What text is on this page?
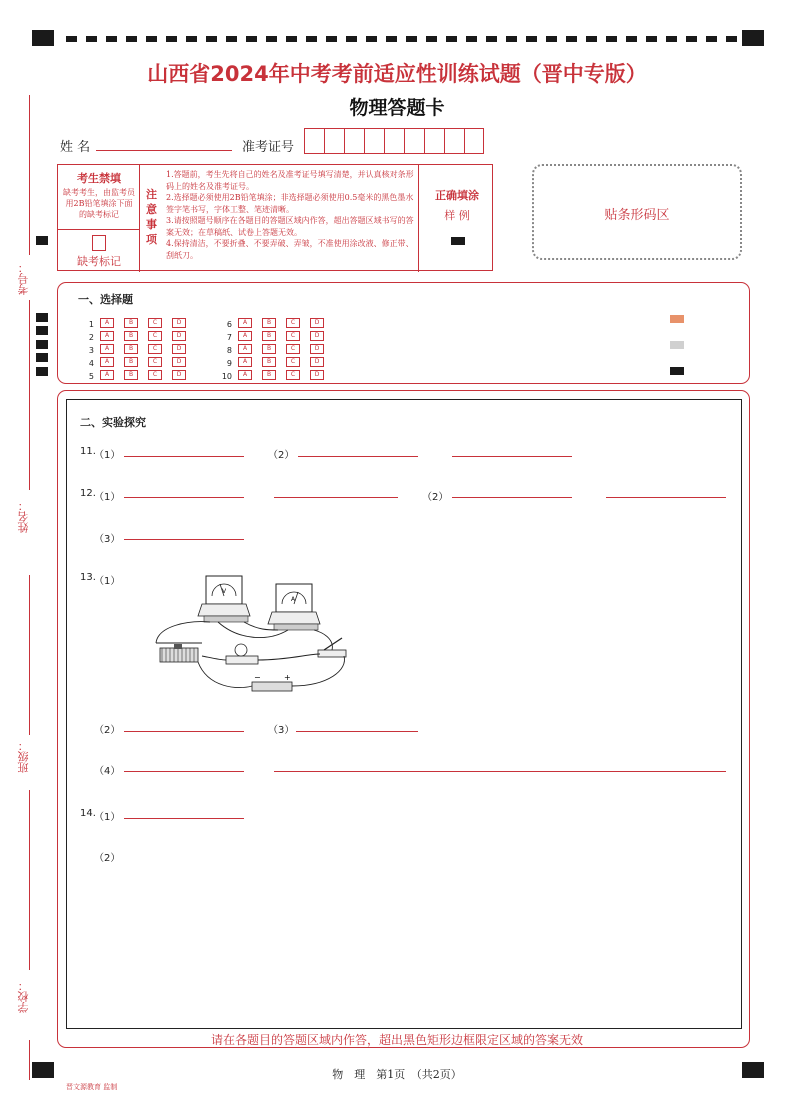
考号：
姓名：
班级：
学校：
山西省2024年中考考前适应性训练试题（晋中专版）
物理答题卡
姓 名	准考证号
考生禁填
缺考考生，由监考员用2B铅笔填涂下面的缺考标记
缺考标记
注意事项
1.答题前，考生先将自己的姓名及准考证号填写清楚，并认真核对条形码上的姓名及准考证号。
2.选择题必须使用2B铅笔填涂；非选择题必须使用0.5毫米的黑色墨水签字笔书写，字体工整、笔迹清晰。
3.请按照题号顺序在各题目的答题区域内作答，超出答题区域书写的答案无效；在草稿纸、试卷上答题无效。
4.保持清洁，不要折叠、不要弄破、弄皱，不准使用涂改液、修正带、刮纸刀。
正确填涂
样 例	贴条形码区
一、选择题
1 A	B	C	D
2 A	B	C	D
3 A	B	C	D
4 A	B	C	D
5 A	B	C	D
6 A	B	C	D
7 A	B	C	D
8 A	B	C	D
9 A	B	C	D
10 A	B	C	D
二、实验探究
11.
（1）	（2）
12.
（1）	（2）
（3）
13.
（1）
V
A
−	+
（2）	（3）
（4）
14.
（1）
（2）
请在各题目的答题区域内作答，超出黑色矩形边框限定区域的答案无效
物　理　第1页　（共2页）
晋文源教育 监制
